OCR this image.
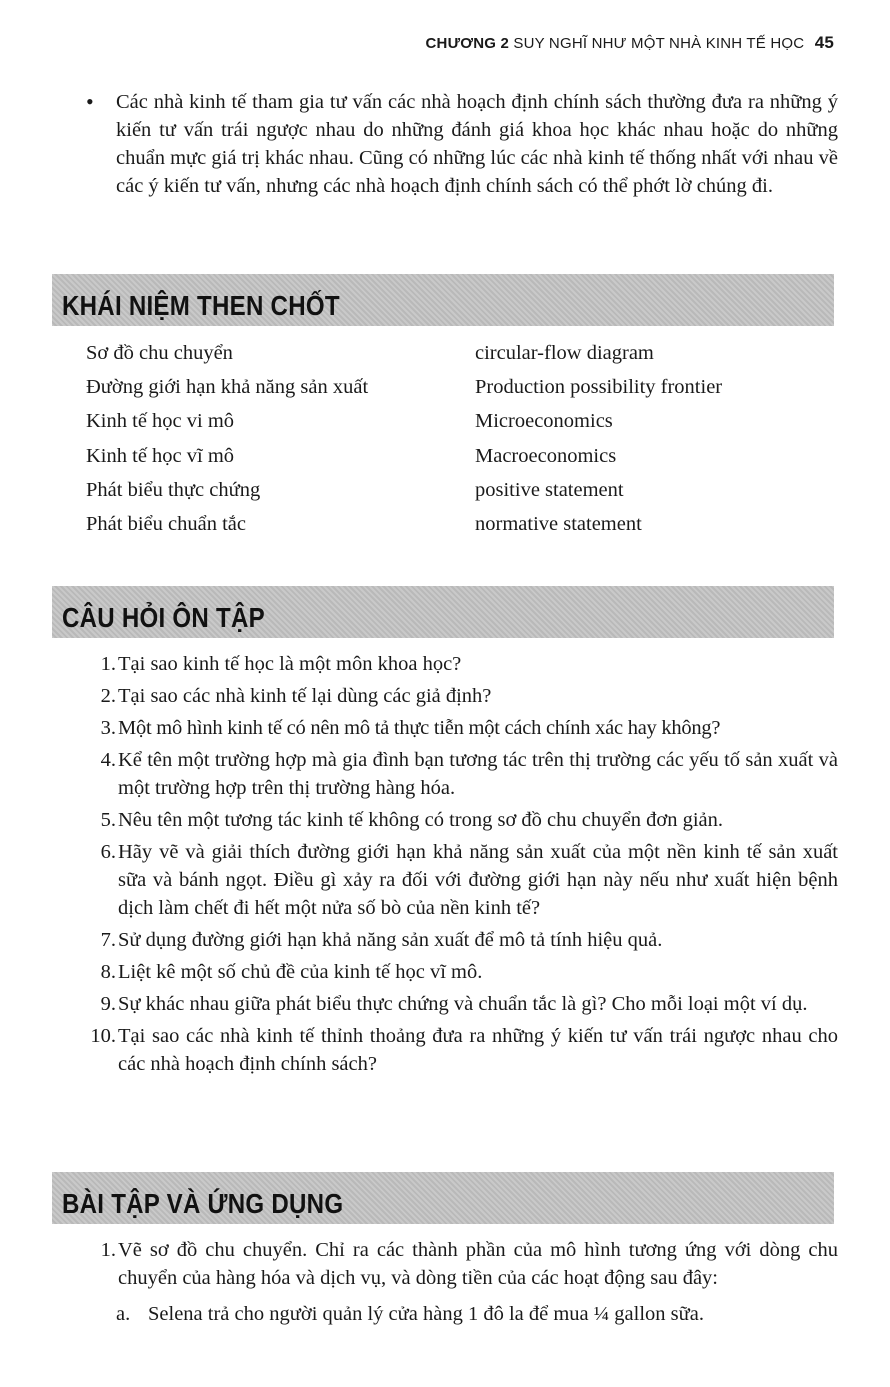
CHƯƠNG 2 SUY NGHĨ NHƯ MỘT NHÀ KINH TẾ HỌC 45
•	Các nhà kinh tế tham gia tư vấn các nhà hoạch định chính sách thường đưa ra những ý kiến tư vấn trái ngược nhau do những đánh giá khoa học khác nhau hoặc do những chuẩn mực giá trị khác nhau. Cũng có những lúc các nhà kinh tế thống nhất với nhau về các ý kiến tư vấn, nhưng các nhà hoạch định chính sách có thể phớt lờ chúng đi.
KHÁI NIỆM THEN CHỐT
Sơ đồ chu chuyển	circular-flow diagram
Đường giới hạn khả năng sản xuất	Production possibility frontier
Kinh tế học vi mô	Microeconomics
Kinh tế học vĩ mô	Macroeconomics
Phát biểu thực chứng	positive statement
Phát biểu chuẩn tắc	normative statement
CÂU HỎI ÔN TẬP
1. Tại sao kinh tế học là một môn khoa học?
2. Tại sao các nhà kinh tế lại dùng các giả định?
3. Một mô hình kinh tế có nên mô tả thực tiễn một cách chính xác hay không?
4. Kể tên một trường hợp mà gia đình bạn tương tác trên thị trường các yếu tố sản xuất và một trường hợp trên thị trường hàng hóa.
5. Nêu tên một tương tác kinh tế không có trong sơ đồ chu chuyển đơn giản.
6. Hãy vẽ và giải thích đường giới hạn khả năng sản xuất của một nền kinh tế sản xuất sữa và bánh ngọt. Điều gì xảy ra đối với đường giới hạn này nếu như xuất hiện bệnh dịch làm chết đi hết một nửa số bò của nền kinh tế?
7. Sử dụng đường giới hạn khả năng sản xuất để mô tả tính hiệu quả.
8. Liệt kê một số chủ đề của kinh tế học vĩ mô.
9. Sự khác nhau giữa phát biểu thực chứng và chuẩn tắc là gì? Cho mỗi loại một ví dụ.
10. Tại sao các nhà kinh tế thỉnh thoảng đưa ra những ý kiến tư vấn trái ngược nhau cho các nhà hoạch định chính sách?
BÀI TẬP VÀ ỨNG DỤNG
1. Vẽ sơ đồ chu chuyển. Chỉ ra các thành phần của mô hình tương ứng với dòng chu chuyển của hàng hóa và dịch vụ, và dòng tiền của các hoạt động sau đây:
a. Selena trả cho người quản lý cửa hàng 1 đô la để mua ¼ gallon sữa.
